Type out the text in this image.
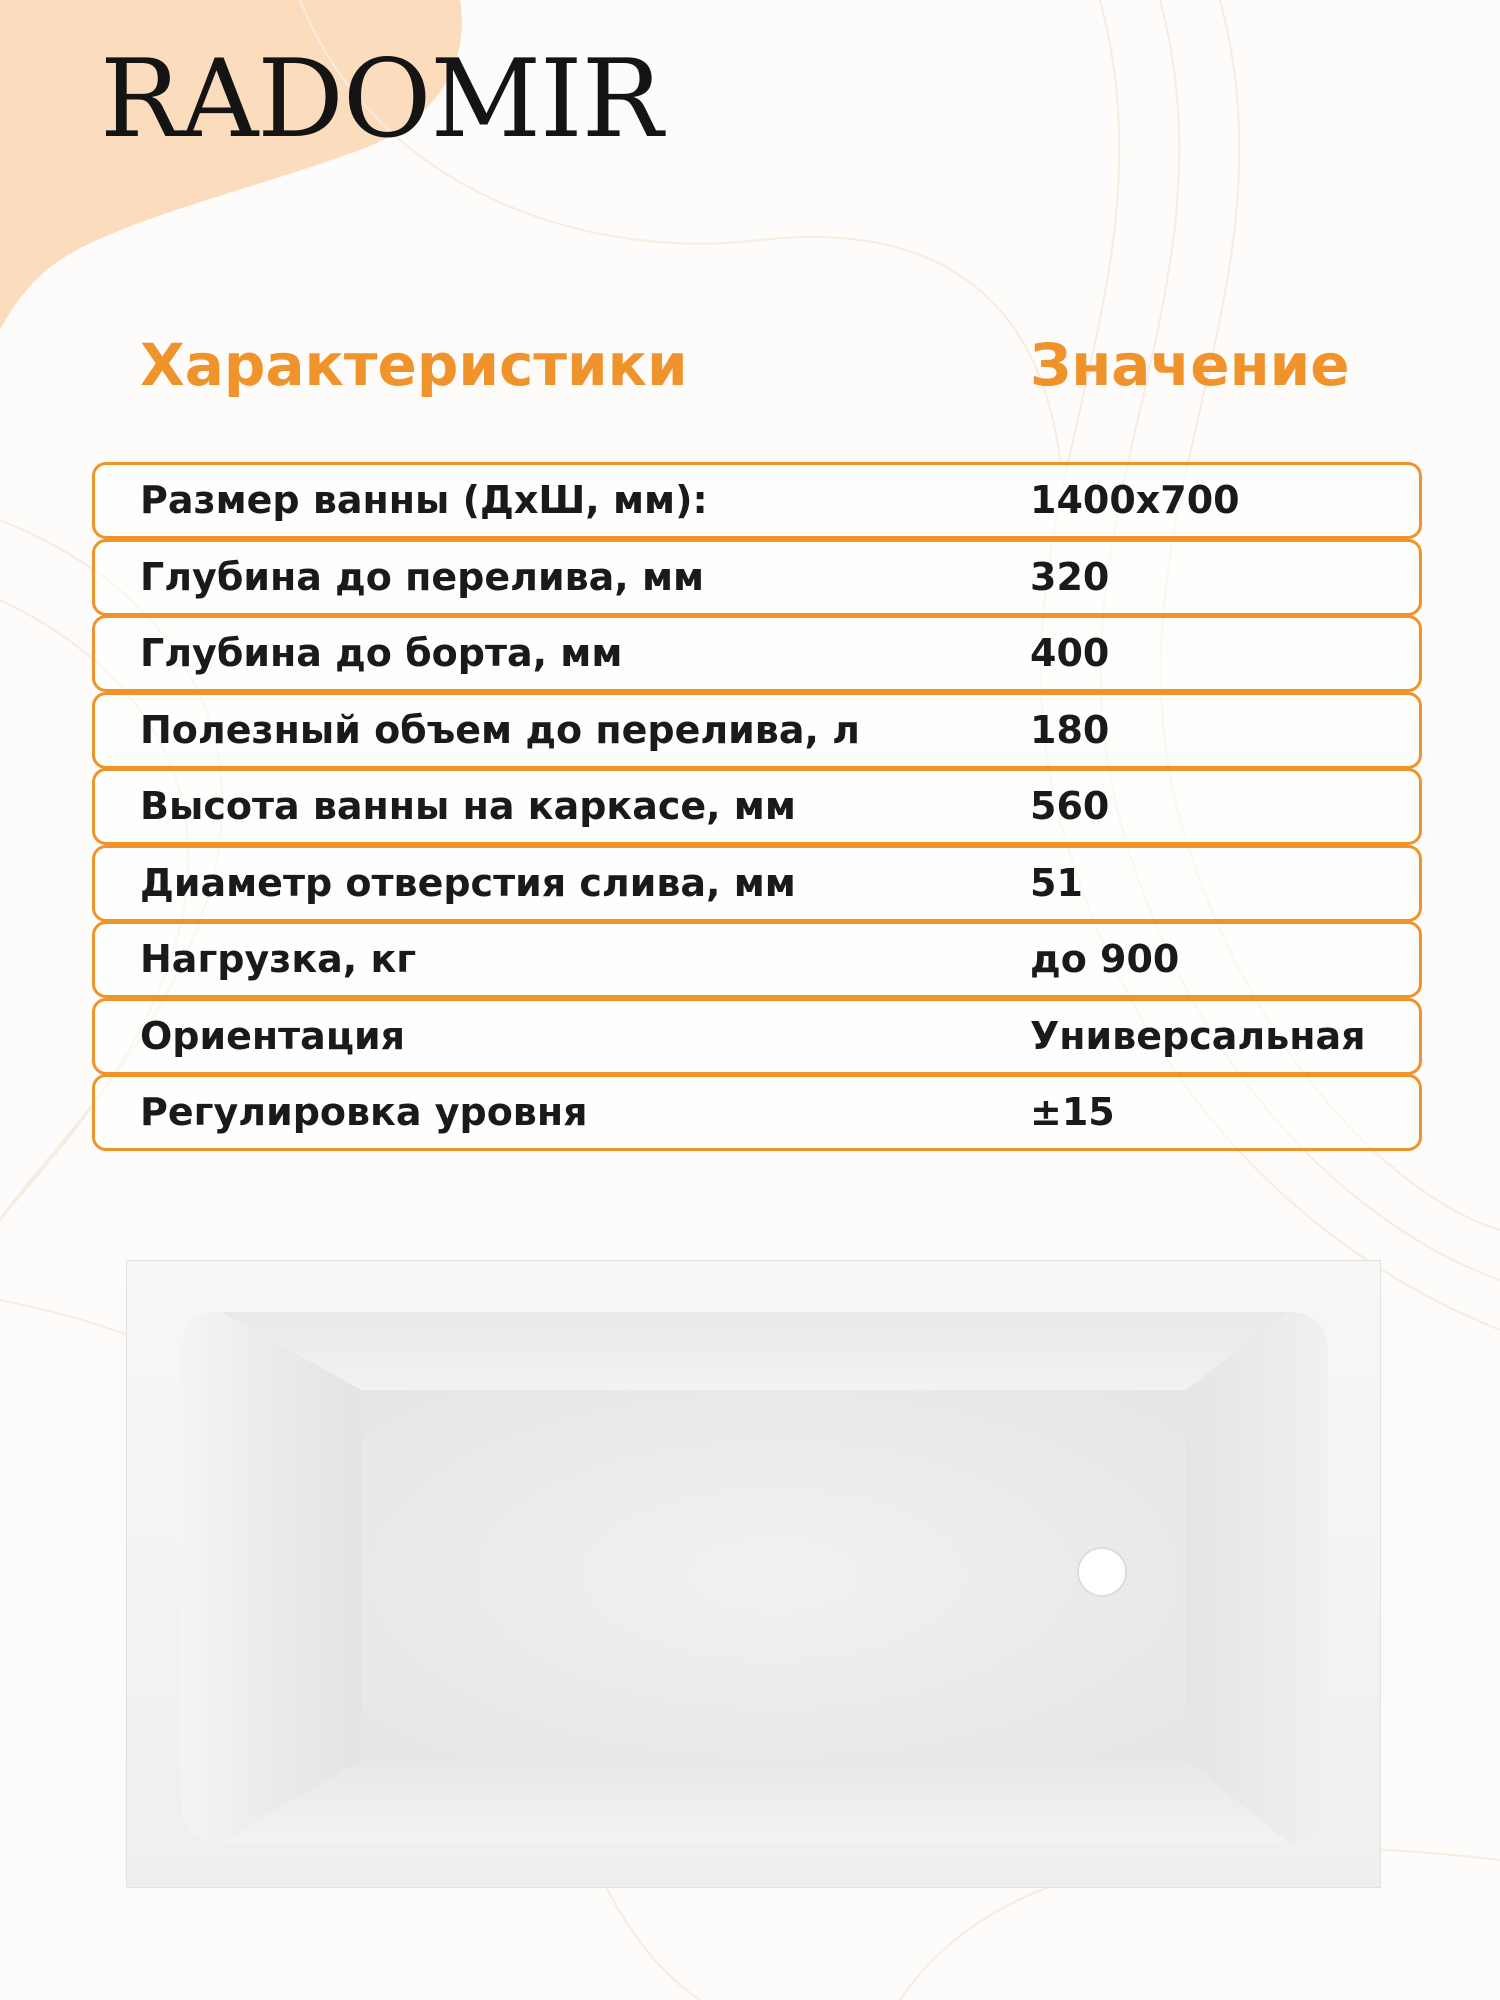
RADOMIR
Характеристики	Значение
Размер ванны (ДхШ, мм):	1400х700
Глубина до перелива, мм	320
Глубина до борта, мм	400
Полезный объем до перелива, л	180
Высота ванны на каркасе, мм	560
Диаметр отверстия слива, мм	51
Нагрузка, кг	до 900
Ориентация	Универсальная
Регулировка уровня	±15
